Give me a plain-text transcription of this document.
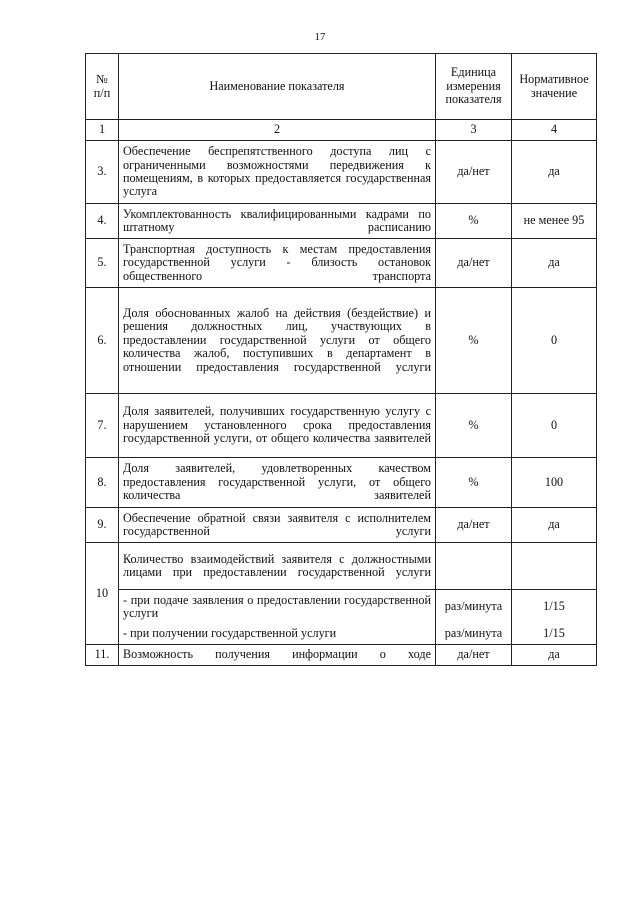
17
№ п/п	Наименование показателя	Единица измерения показателя	Нормативное значение
1	2	3	4
3.	Обеспечение беспрепятственного доступа лиц с ограниченными возможностями передвижения к помещениям, в которых предоставляется государственная услуга	да/нет	да
4.	Укомплектованность квалифицированными кадрами по штатному расписанию	%	не менее 95
5.	Транспортная доступность к местам предоставления государственной услуги - близость остановок общественного транспорта	да/нет	да
6.	Доля обоснованных жалоб на действия (бездействие) и решения должностных лиц, участвующих в предоставлении государственной услуги от общего количества жалоб, поступивших в департамент в отношении предоставления государственной услуги	%	0
7.	Доля заявителей, получивших государственную услугу с нарушением установленного срока предоставления государственной услуги, от общего количества заявителей	%	0
8.	Доля заявителей, удовлетворенных качеством предоставления государственной услуги, от общего количества заявителей	%	100
9.	Обеспечение обратной связи заявителя с исполнителем государственной услуги	да/нет	да
10	Количество взаимодействий заявителя с должностными лицами при предоставлении государственной услуги		
	- при подаче заявления о предоставлении государственной услуги	раз/минута	1/15
	- при получении государственной услуги	раз/минута	1/15
11.	Возможность получения информации о ходе	да/нет	да
